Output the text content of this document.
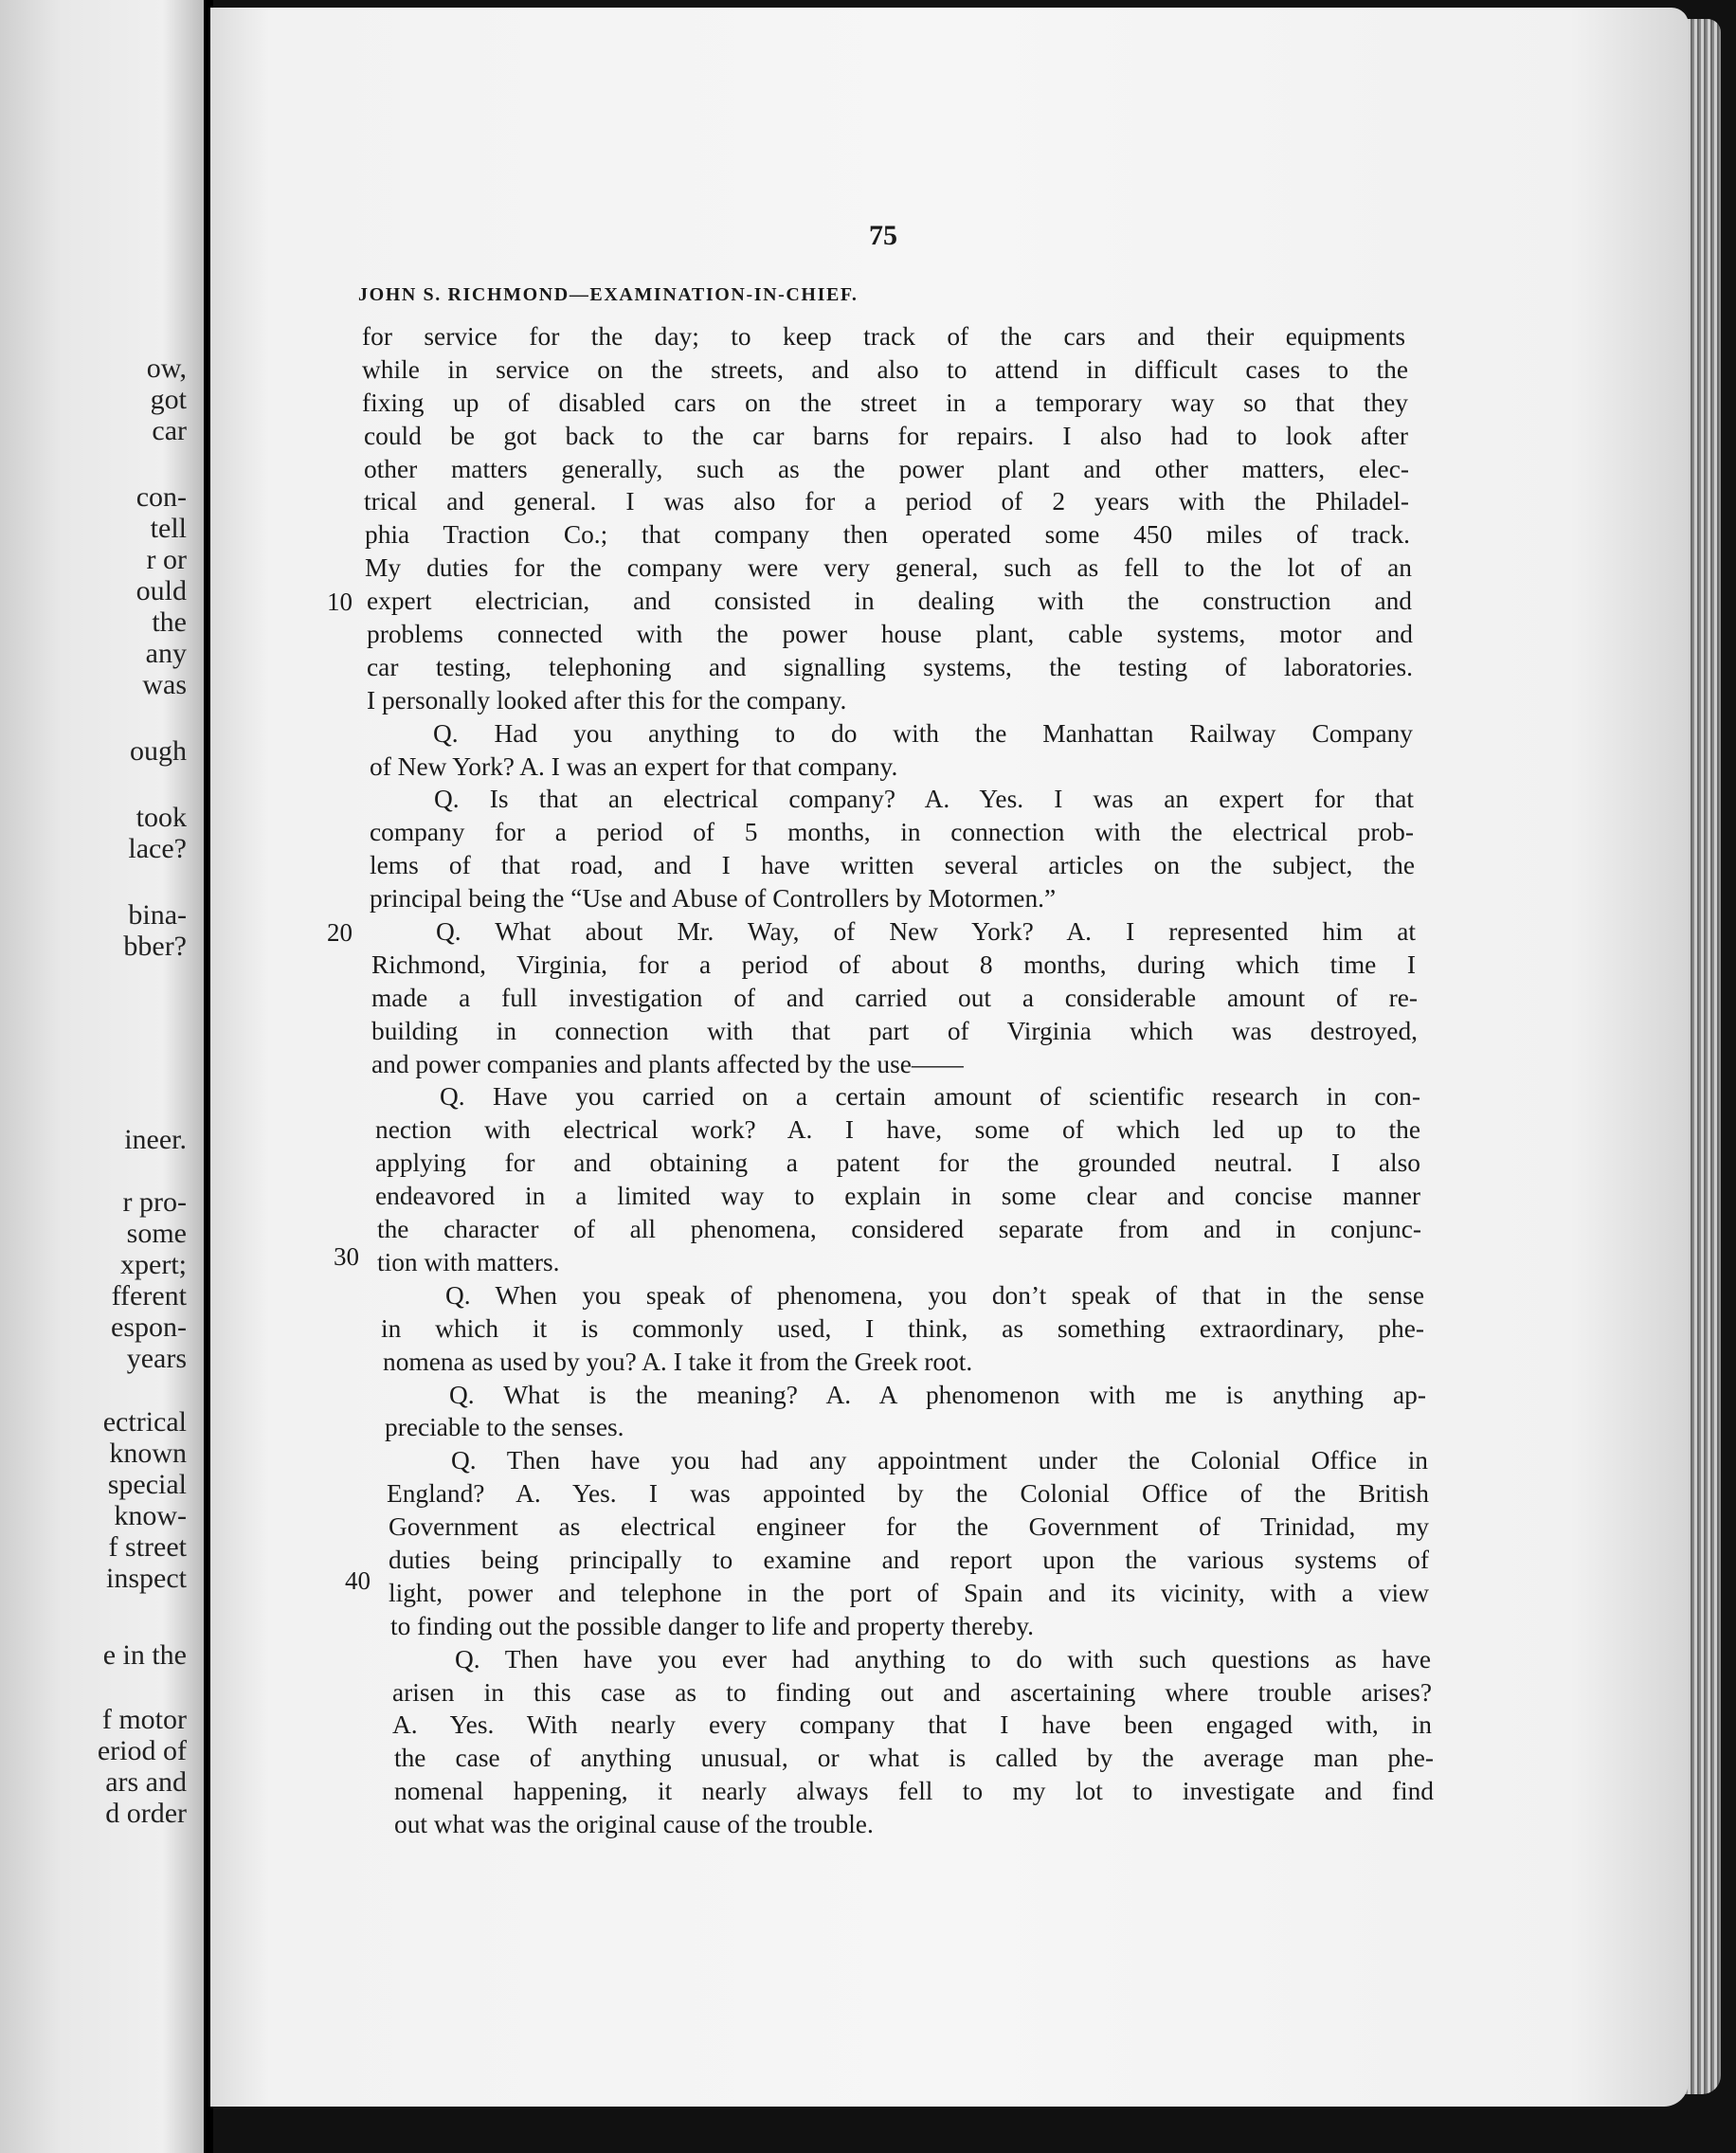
ow,
got
car
con-
tell
r or
ould
the
any
was
ough
took
lace?
bina-
bber?
ineer.
r pro-
some
xpert;
fferent
espon-
years
ectrical
known
special
know-
f street
inspect
e in the
f motor
eriod of
ars and
d order
75
JOHN S. RICHMOND—EXAMINATION-IN-CHIEF.
10
20
30
40
for service for the day; to keep track of the cars and their equipments
while in service on the streets, and also to attend in difficult cases to the
fixing up of disabled cars on the street in a temporary way so that they
could be got back to the car barns for repairs. I also had to look after
other matters generally, such as the power plant and other matters, elec-
trical and general. I was also for a period of 2 years with the Philadel-
phia Traction Co.; that company then operated some 450 miles of track.
My duties for the company were very general, such as fell to the lot of an
expert electrician, and consisted in dealing with the construction and
problems connected with the power house plant, cable systems, motor and
car testing, telephoning and signalling systems, the testing of laboratories.
I personally looked after this for the company.
Q. Had you anything to do with the Manhattan Railway Company
of New York? A. I was an expert for that company.
Q. Is that an electrical company? A. Yes. I was an expert for that
company for a period of 5 months, in connection with the electrical prob-
lems of that road, and I have written several articles on the subject, the
principal being the “Use and Abuse of Controllers by Motormen.”
Q. What about Mr. Way, of New York? A. I represented him at
Richmond, Virginia, for a period of about 8 months, during which time I
made a full investigation of and carried out a considerable amount of re-
building in connection with that part of Virginia which was destroyed,
and power companies and plants affected by the use——
Q. Have you carried on a certain amount of scientific research in con-
nection with electrical work? A. I have, some of which led up to the
applying for and obtaining a patent for the grounded neutral. I also
endeavored in a limited way to explain in some clear and concise manner
the character of all phenomena, considered separate from and in conjunc-
tion with matters.
Q. When you speak of phenomena, you don’t speak of that in the sense
in which it is commonly used, I think, as something extraordinary, phe-
nomena as used by you? A. I take it from the Greek root.
Q. What is the meaning? A. A phenomenon with me is anything ap-
preciable to the senses.
Q. Then have you had any appointment under the Colonial Office in
England? A. Yes. I was appointed by the Colonial Office of the British
Government as electrical engineer for the Government of Trinidad, my
duties being principally to examine and report upon the various systems of
light, power and telephone in the port of Spain and its vicinity, with a view
to finding out the possible danger to life and property thereby.
Q. Then have you ever had anything to do with such questions as have
arisen in this case as to finding out and ascertaining where trouble arises?
A. Yes. With nearly every company that I have been engaged with, in
the case of anything unusual, or what is called by the average man phe-
nomenal happening, it nearly always fell to my lot to investigate and find
out what was the original cause of the trouble.
